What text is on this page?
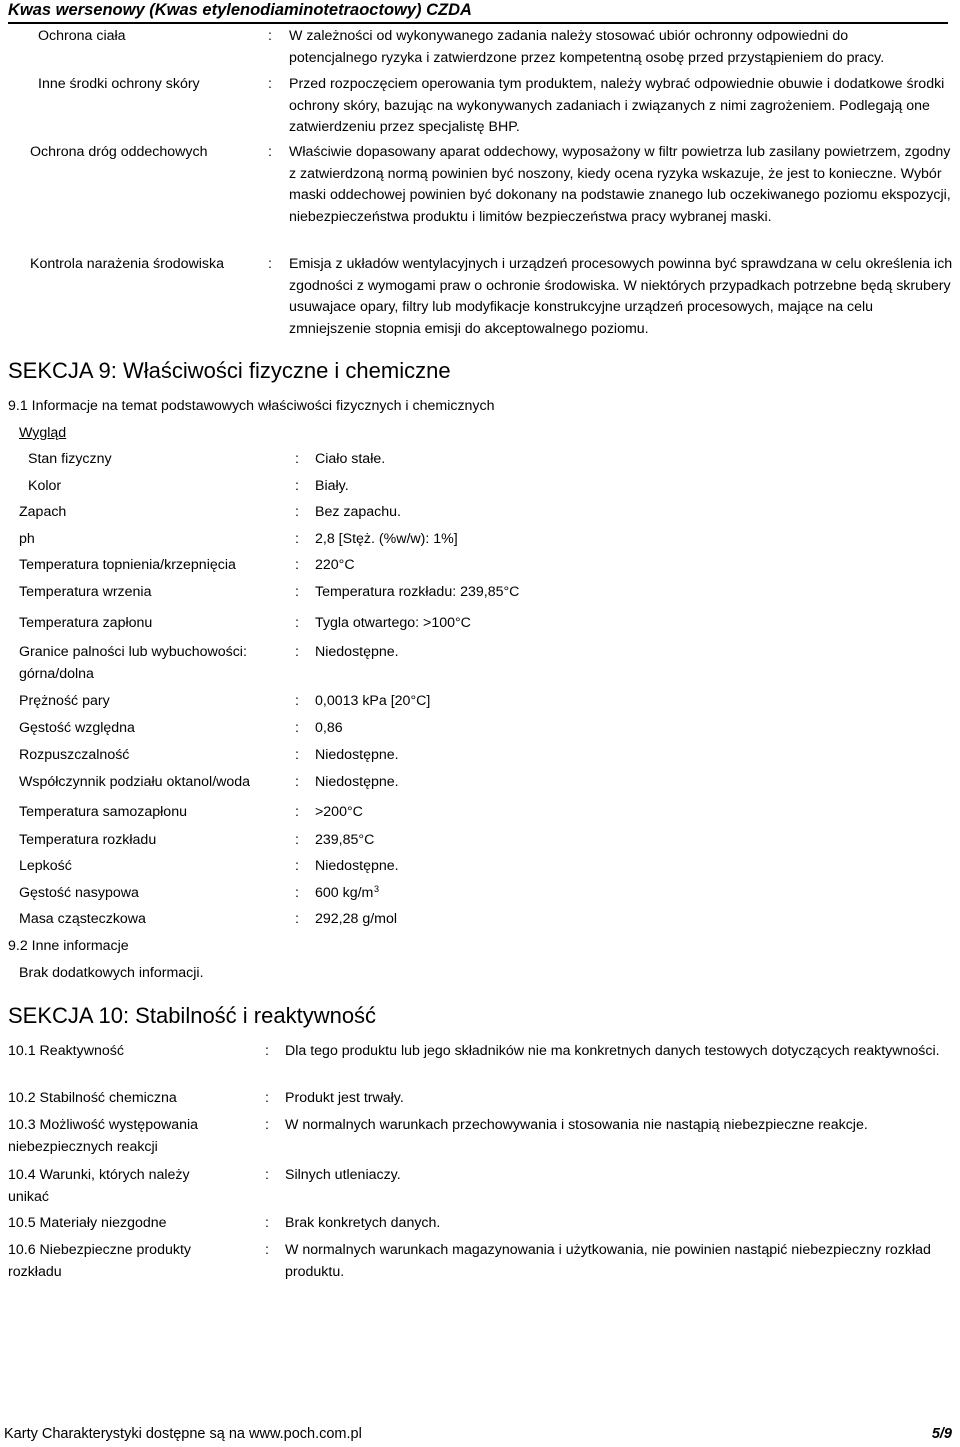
Kwas wersenowy (Kwas etylenodiaminotetraoctowy) CZDA
Ochrona ciała	: W zależności od wykonywanego zadania należy stosować ubiór ochronny odpowiedni do potencjalnego ryzyka i zatwierdzone przez kompetentną osobę przed przystąpieniem do pracy.
Inne środki ochrony skóry	: Przed rozpoczęciem operowania tym produktem, należy wybrać odpowiednie obuwie i dodatkowe środki ochrony skóry, bazując na wykonywanych zadaniach i związanych z nimi zagrożeniem. Podlegają one zatwierdzeniu przez specjalistę BHP.
Ochrona dróg oddechowych	: Właściwie dopasowany aparat oddechowy, wyposażony w filtr powietrza lub zasilany powietrzem, zgodny z zatwierdzoną normą powinien być noszony, kiedy ocena ryzyka wskazuje, że jest to konieczne. Wybór maski oddechowej powinien być dokonany na podstawie znanego lub oczekiwanego poziomu ekspozycji, niebezpieczeństwa produktu i limitów bezpieczeństwa pracy wybranej maski.
Kontrola narażenia środowiska	: Emisja z układów wentylacyjnych i urządzeń procesowych powinna być sprawdzana w celu określenia ich zgodności z wymogami praw o ochronie środowiska. W niektórych przypadkach potrzebne będą skrubery usuwajace opary, filtry lub modyfikacje konstrukcyjne urządzeń procesowych, mające na celu zmniejszenie stopnia emisji do akceptowalnego poziomu.
SEKCJA 9: Właściwości fizyczne i chemiczne
9.1 Informacje na temat podstawowych właściwości fizycznych i chemicznych
Wygląd
Stan fizyczny	: Ciało stałe.
Kolor	: Biały.
Zapach	: Bez zapachu.
ph	: 2,8 [Stęż. (%w/w): 1%]
Temperatura topnienia/krzepnięcia	: 220°C
Temperatura wrzenia	: Temperatura rozkładu: 239,85°C
Temperatura zapłonu	: Tygla otwartego: >100°C
Granice palności lub wybuchowości: górna/dolna
: Niedostępne.
Prężność pary	: 0,0013 kPa [20°C]
Gęstość względna	: 0,86
Rozpuszczalność	: Niedostępne.
Współczynnik podziału oktanol/woda	: Niedostępne.
Temperatura samozapłonu	: >200°C
Temperatura rozkładu	: 239,85°C
Lepkość	: Niedostępne.
Gęstość nasypowa	: 600 kg/m 3
Masa cząsteczkowa	: 292,28 g/mol
9.2 Inne informacje
Brak dodatkowych informacji.
SEKCJA 10: Stabilność i reaktywność
10.1 Reaktywność	: Dla tego produktu lub jego składników nie ma konkretnych danych testowych dotyczących reaktywności.
10.2 Stabilność chemiczna	: Produkt jest trwały.
10.3 Możliwość występowania niebezpiecznych reakcji
: W normalnych warunkach przechowywania i stosowania nie nastąpią niebezpieczne reakcje.
10.4 Warunki, których należy unikać
: Silnych utleniaczy.
10.5 Materiały niezgodne	: Brak konkretych danych.
10.6 Niebezpieczne produkty rozkładu
: W normalnych warunkach magazynowania i użytkowania, nie powinien nastąpić niebezpieczny rozkład produktu.
Karty Charakterystyki dostępne są na www.poch.com.pl	5/9
